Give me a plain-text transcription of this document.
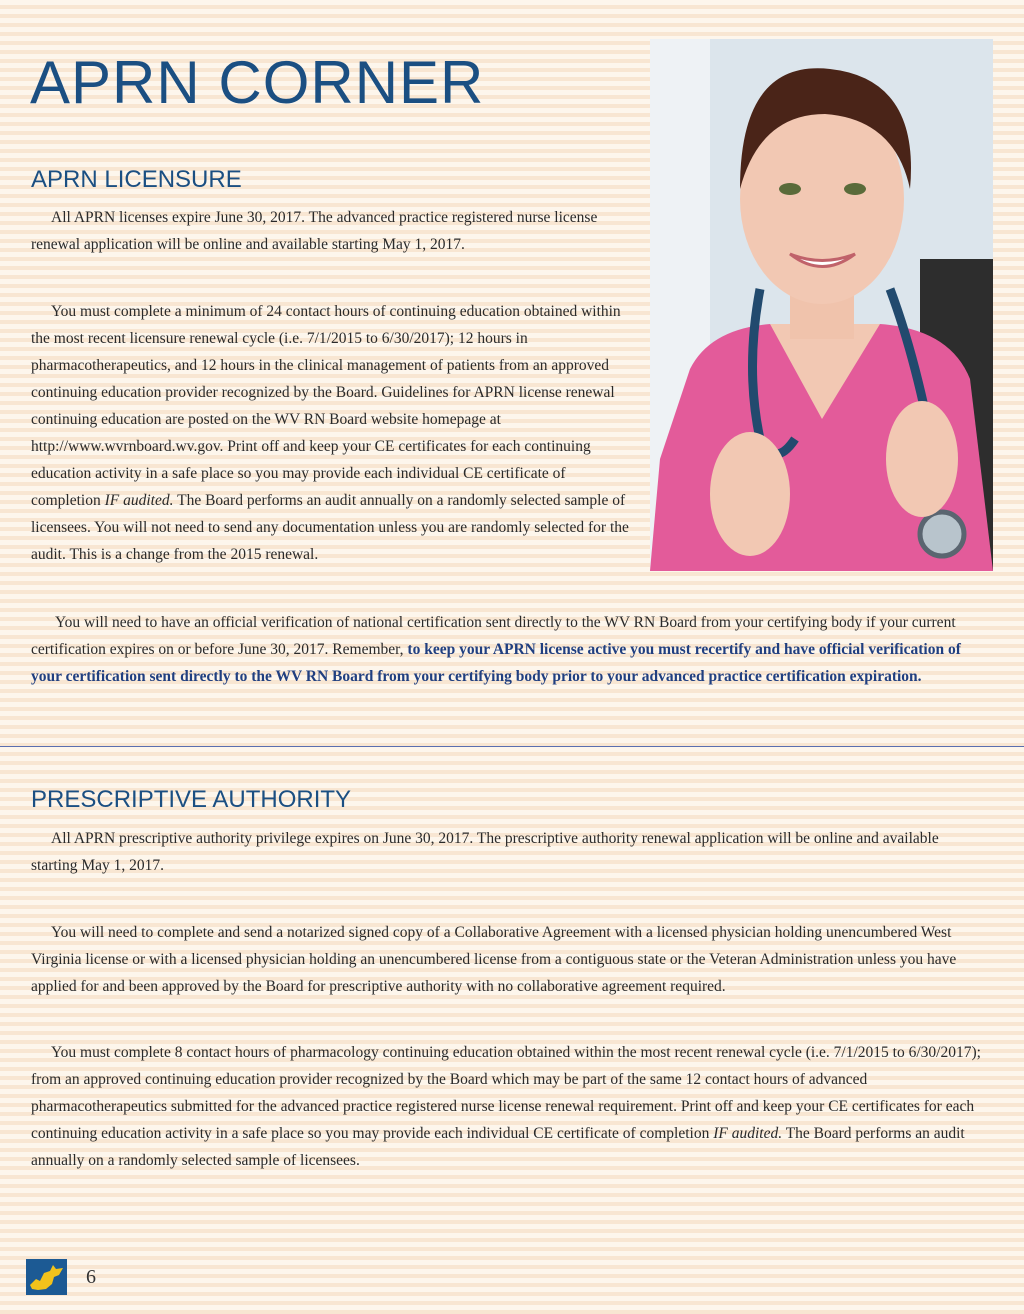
APRN CORNER
APRN LICENSURE

All APRN licenses expire June 30, 2017. The advanced practice registered nurse license renewal application will be online and available starting May 1, 2017.

You must complete a minimum of 24 contact hours of continuing education obtained within the most recent licensure renewal cycle (i.e. 7/1/2015 to 6/30/2017); 12 hours in pharmacotherapeutics, and 12 hours in the clinical management of patients from an approved continuing education provider recognized by the Board. Guidelines for APRN license renewal continuing education are posted on the WV RN Board website homepage at http://www.wvrnboard.wv.gov. Print off and keep your CE certificates for each continuing education activity in a safe place so you may provide each individual CE certificate of completion IF audited. The Board performs an audit annually on a randomly selected sample of licensees. You will not need to send any documentation unless you are randomly selected for the audit. This is a change from the 2015 renewal.

You will need to have an official verification of national certification sent directly to the WV RN Board from your certifying body if your current certification expires on or before June 30, 2017. Remember, to keep your APRN license active you must recertify and have official verification of your certification sent directly to the WV RN Board from your certifying body prior to your advanced practice certification expiration.

PRESCRIPTIVE AUTHORITY

All APRN prescriptive authority privilege expires on June 30, 2017. The prescriptive authority renewal application will be online and available starting May 1, 2017.

You will need to complete and send a notarized signed copy of a Collaborative Agreement with a licensed physician holding unencumbered West Virginia license or with a licensed physician holding an unencumbered license from a contiguous state or the Veteran Administration unless you have applied for and been approved by the Board for prescriptive authority with no collaborative agreement required.

You must complete 8 contact hours of pharmacology continuing education obtained within the most recent renewal cycle (i.e. 7/1/2015 to 6/30/2017); from an approved continuing education provider recognized by the Board which may be part of the same 12 contact hours of advanced pharmacotherapeutics submitted for the advanced practice registered nurse license renewal requirement. Print off and keep your CE certificates for each continuing education activity in a safe place so you may provide each individual CE certificate of completion IF audited. The Board performs an audit annually on a randomly selected sample of licensees.

6
